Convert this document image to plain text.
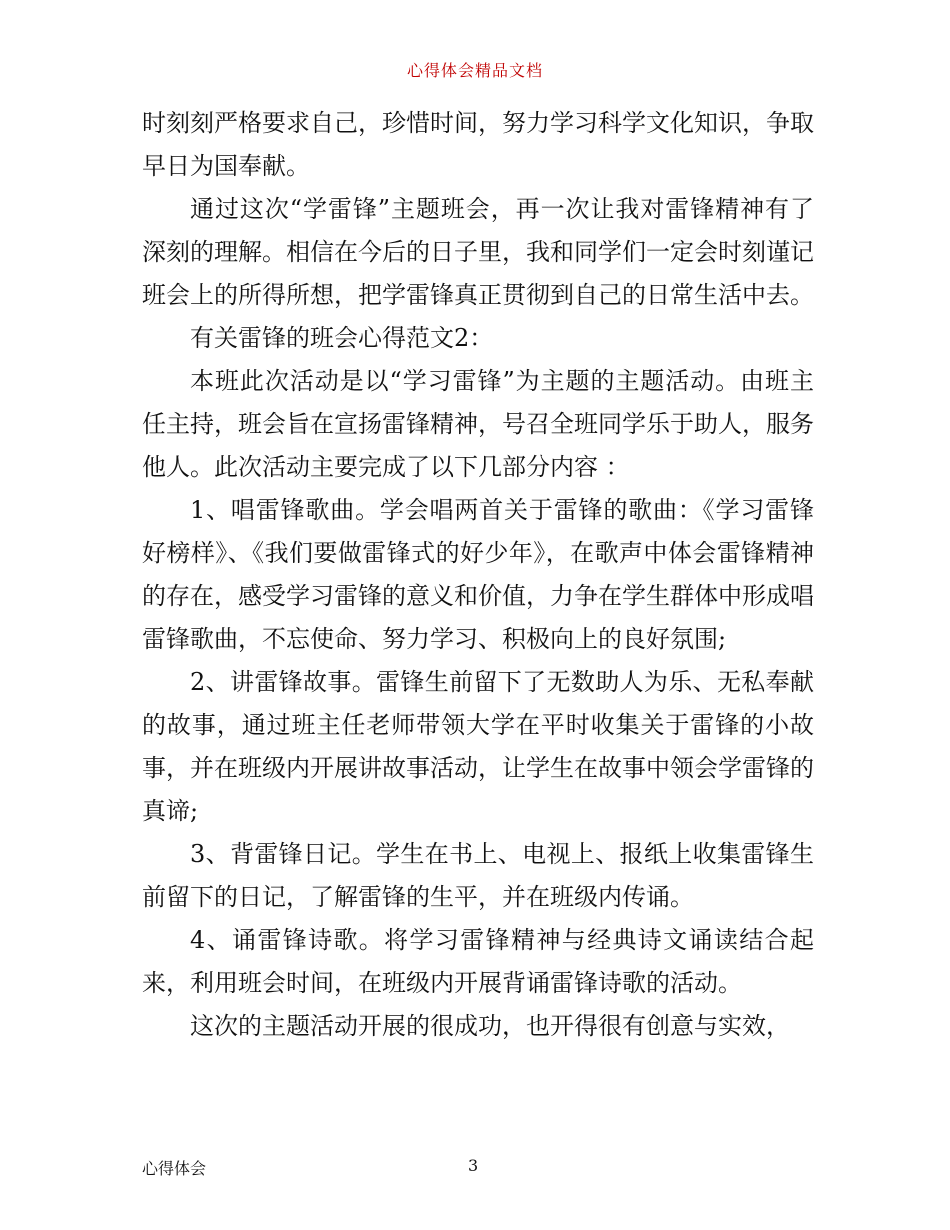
心得体会精品文档

时刻刻严格要求自己，珍惜时间，努力学习科学文化知识，争取早日为国奉献。

通过这次“学雷锋”主题班会，再一次让我对雷锋精神有了深刻的理解。相信在今后的日子里，我和同学们一定会时刻谨记班会上的所得所想，把学雷锋真正贯彻到自己的日常生活中去。

有关雷锋的班会心得范文2：

本班此次活动是以“学习雷锋”为主题的主题活动。由班主任主持，班会旨在宣扬雷锋精神，号召全班同学乐于助人，服务他人。此次活动主要完成了以下几部分内容 ：

1、唱雷锋歌曲。学会唱两首关于雷锋的歌曲：《学习雷锋好榜样》、《我们要做雷锋式的好少年》，在歌声中体会雷锋精神的存在，感受学习雷锋的意义和价值，力争在学生群体中形成唱雷锋歌曲，不忘使命、努力学习、积极向上的良好氛围;

2、讲雷锋故事。雷锋生前留下了无数助人为乐、无私奉献的故事，通过班主任老师带领大学在平时收集关于雷锋的小故事，并在班级内开展讲故事活动，让学生在故事中领会学雷锋的真谛;

3、背雷锋日记。学生在书上、电视上、报纸上收集雷锋生前留下的日记，了解雷锋的生平，并在班级内传诵。

4、诵雷锋诗歌。将学习雷锋精神与经典诗文诵读结合起来，利用班会时间，在班级内开展背诵雷锋诗歌的活动。

这次的主题活动开展的很成功，也开得很有创意与实效，

心得体会	3
